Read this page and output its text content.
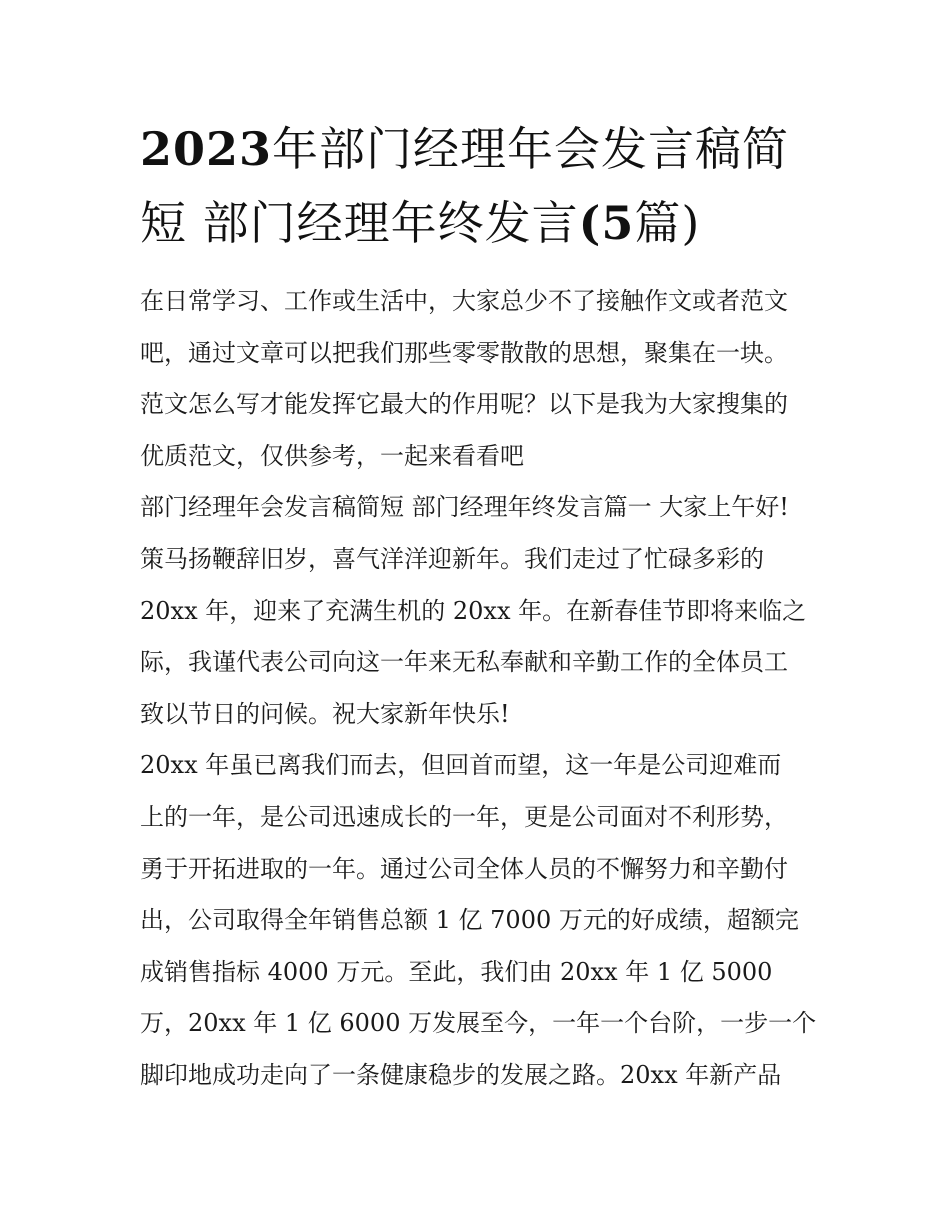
2023年部门经理年会发言稿简
短 部门经理年终发言(5篇)
在日常学习、工作或生活中，大家总少不了接触作文或者范文
吧，通过文章可以把我们那些零零散散的思想，聚集在一块。
范文怎么写才能发挥它最大的作用呢？以下是我为大家搜集的
优质范文，仅供参考，一起来看看吧
部门经理年会发言稿简短 部门经理年终发言篇一 大家上午好!
策马扬鞭辞旧岁，喜气洋洋迎新年。我们走过了忙碌多彩的
20xx 年，迎来了充满生机的 20xx 年。在新春佳节即将来临之
际，我谨代表公司向这一年来无私奉献和辛勤工作的全体员工
致以节日的问候。祝大家新年快乐!
20xx 年虽已离我们而去，但回首而望，这一年是公司迎难而
上的一年，是公司迅速成长的一年，更是公司面对不利形势，
勇于开拓进取的一年。通过公司全体人员的不懈努力和辛勤付
出，公司取得全年销售总额 1 亿 7000 万元的好成绩，超额完
成销售指标 4000 万元。至此，我们由 20xx 年 1 亿 5000
万，20xx 年 1 亿 6000 万发展至今，一年一个台阶，一步一个
脚印地成功走向了一条健康稳步的发展之路。20xx 年新产品
